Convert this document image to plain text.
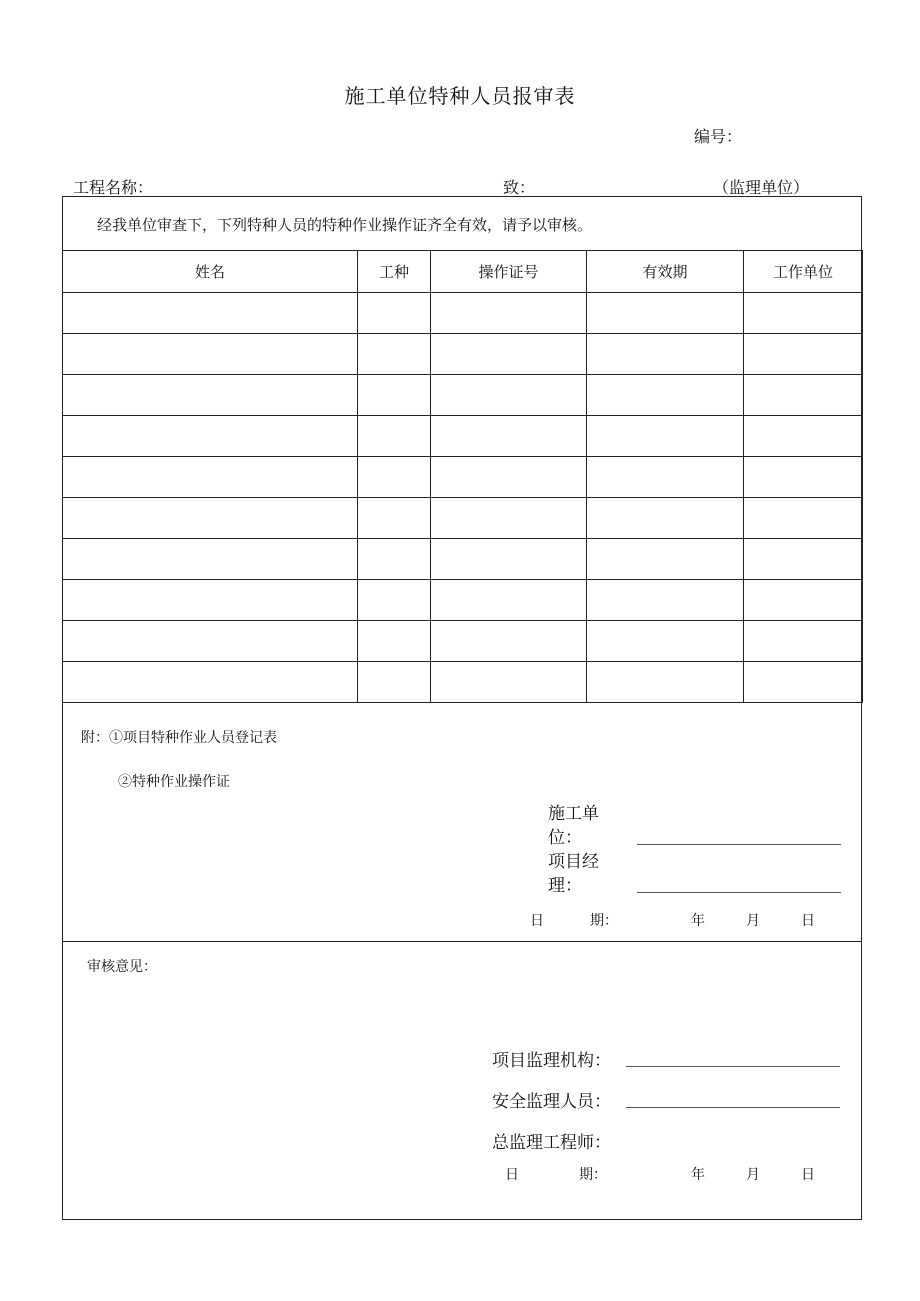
施工单位特种人员报审表
编号：
工程名称：	致：	（监理单位）
经我单位审查下，下列特种人员的特种作业操作证齐全有效，请予以审核。
姓名	工种	操作证号	有效期	工作单位

附：①项目特种作业人员登记表
②特种作业操作证
施工单
位：
项目经
理：
日	期：	年	月	日
审核意见：
项目监理机构：
安全监理人员：
总监理工程师：
日	期：	年	月	日
